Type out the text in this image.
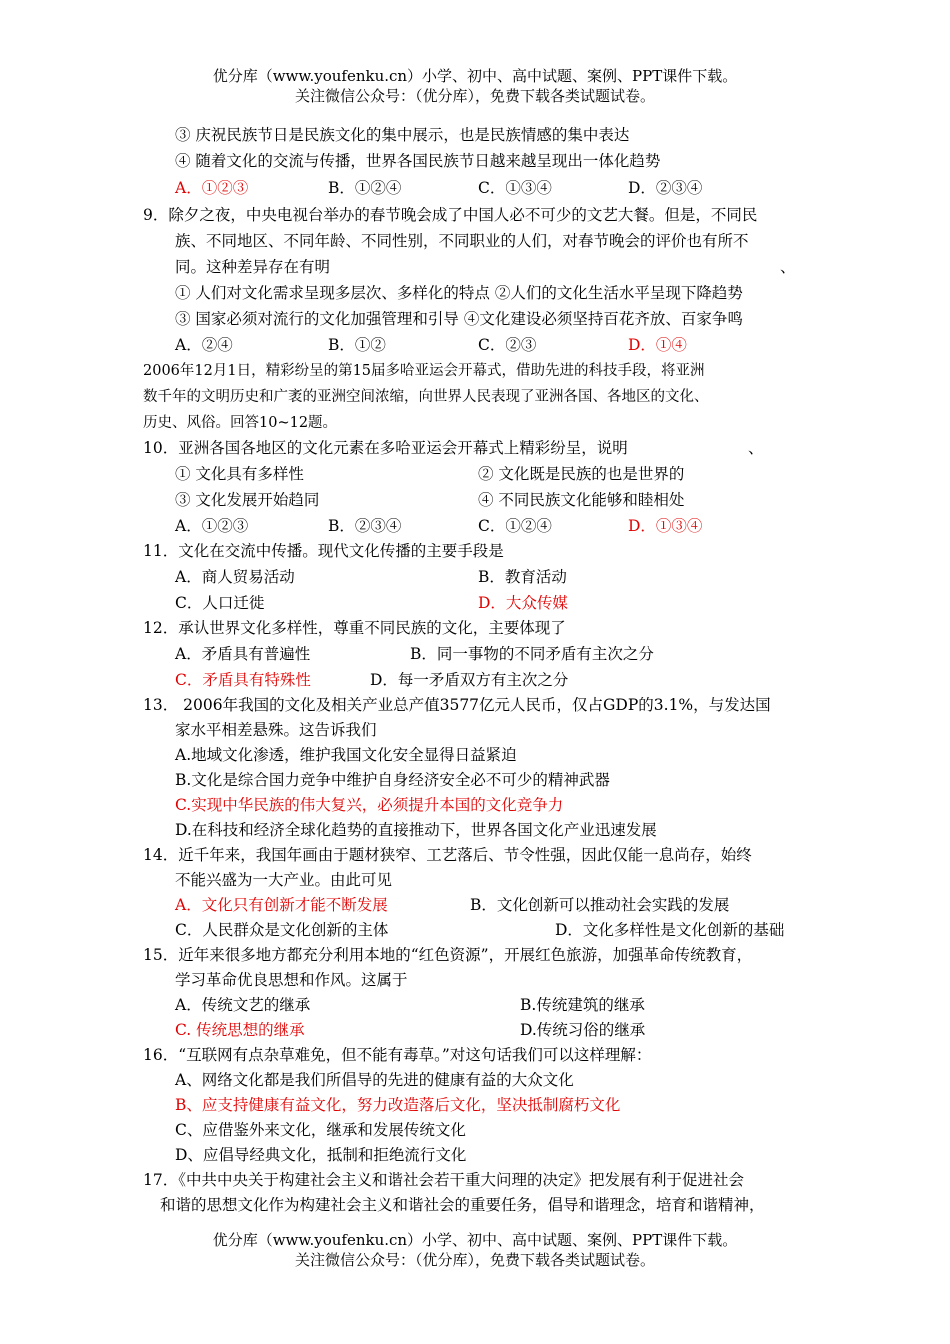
优分库（www.youfenku.cn）小学、初中、高中试题、案例、PPT课件下载。
关注微信公众号：（优分库），免费下载各类试题试卷。
③ 庆祝民族节日是民族文化的集中展示，也是民族情感的集中表达
④ 随着文化的交流与传播，世界各国民族节日越来越呈现出一体化趋势
A．①②③	B．①②④	C．①③④	D．②③④
9．除夕之夜，中央电视台举办的春节晚会成了中国人必不可少的文艺大餐。但是，不同民
族、不同地区、不同年龄、不同性别，不同职业的人们，对春节晚会的评价也有所不
同。这种差异存在有明	、
① 人们对文化需求呈现多层次、多样化的特点 ②人们的文化生活水平呈现下降趋势
③ 国家必须对流行的文化加强管理和引导 ④文化建设必须坚持百花齐放、百家争鸣
A．②④	B．①②	C．②③	D．①④
2006年12月1日，精彩纷呈的第15届多哈亚运会开幕式，借助先进的科技手段，将亚洲
数千年的文明历史和广袤的亚洲空间浓缩，向世界人民表现了亚洲各国、各地区的文化、
历史、风俗。回答10~12题。
10．亚洲各国各地区的文化元素在多哈亚运会开幕式上精彩纷呈，说明	、
① 文化具有多样性	② 文化既是民族的也是世界的
③ 文化发展开始趋同	④ 不同民族文化能够和睦相处
A．①②③	B．②③④	C．①②④	D．①③④
11．文化在交流中传播。现代文化传播的主要手段是
A．商人贸易活动	B．教育活动
C．人口迁徙	D．大众传媒
12．承认世界文化多样性，尊重不同民族的文化，主要体现了
A．矛盾具有普遍性	B．同一事物的不同矛盾有主次之分
C．矛盾具有特殊性	D．每一矛盾双方有主次之分
13． 2006年我国的文化及相关产业总产值3577亿元人民币，仅占GDP的3.1%，与发达国
家水平相差悬殊。这告诉我们
A.地域文化渗透，维护我国文化安全显得日益紧迫
B.文化是综合国力竞争中维护自身经济安全必不可少的精神武器
C.实现中华民族的伟大复兴，必须提升本国的文化竞争力
D.在科技和经济全球化趋势的直接推动下，世界各国文化产业迅速发展
14．近千年来，我国年画由于题材狭窄、工艺落后、节令性强，因此仅能一息尚存，始终
不能兴盛为一大产业。由此可见
A．文化只有创新才能不断发展	B．文化创新可以推动社会实践的发展
C．人民群众是文化创新的主体	D．文化多样性是文化创新的基础
15．近年来很多地方都充分利用本地的“红色资源”，开展红色旅游，加强革命传统教育，
学习革命优良思想和作风。这属于
A．传统文艺的继承	B.传统建筑的继承
C. 传统思想的继承	D.传统习俗的继承
16．“互联网有点杂草难免，但不能有毒草。”对这句话我们可以这样理解：
A、网络文化都是我们所倡导的先进的健康有益的大众文化
B、应支持健康有益文化，努力改造落后文化，坚决抵制腐朽文化
C、应借鉴外来文化，继承和发展传统文化
D、应倡导经典文化，抵制和拒绝流行文化
17．《中共中央关于构建社会主义和谐社会若干重大问理的决定》把发展有利于促进社会
和谐的思想文化作为构建社会主义和谐社会的重要任务，倡导和谐理念，培育和谐精神，
优分库（www.youfenku.cn）小学、初中、高中试题、案例、PPT课件下载。
关注微信公众号：（优分库），免费下载各类试题试卷。
